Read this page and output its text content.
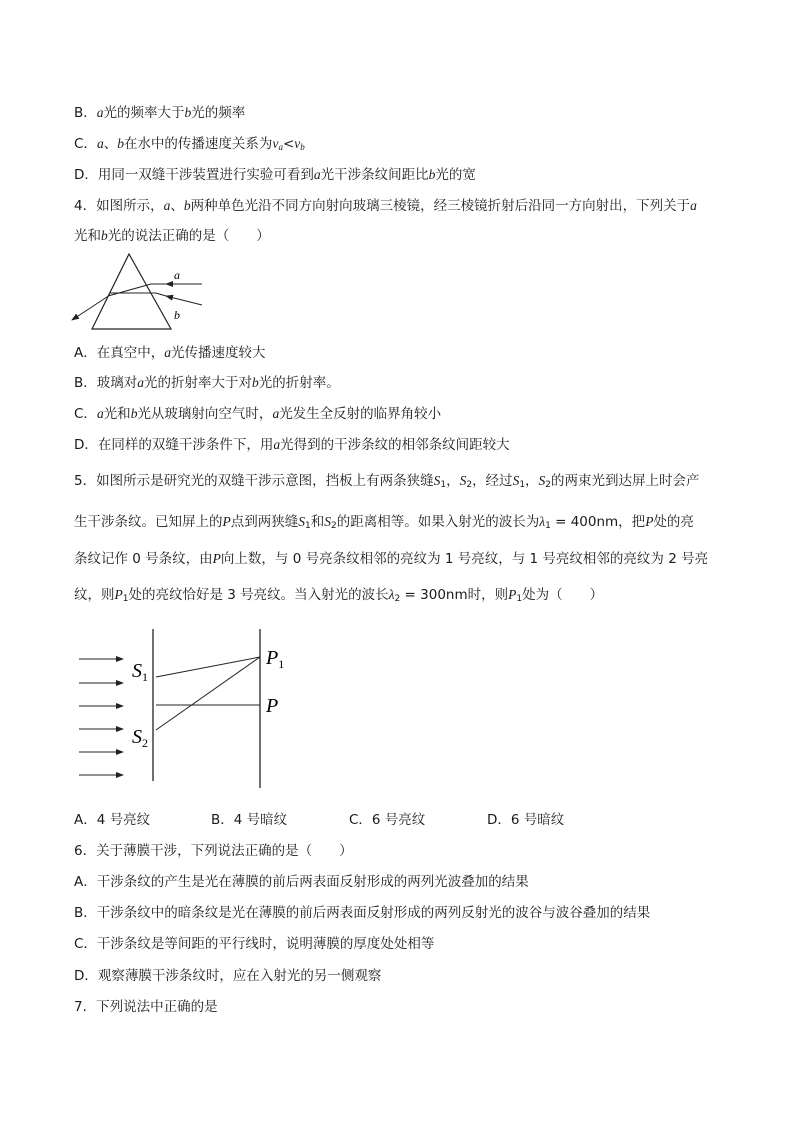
B．a光的频率大于b光的频率
C．a、b在水中的传播速度关系为$v_a<v_b$
D．用同一双缝干涉装置进行实验可看到a光干涉条纹间距比b光的宽
4．如图所示，a、b两种单色光沿不同方向射向玻璃三棱镜，经三棱镜折射后沿同一方向射出，下列关于a
光和b光的说法正确的是（　　）
a
b
A．在真空中，a光传播速度较大
B．玻璃对a光的折射率大于对b光的折射率。
C．a光和b光从玻璃射向空气时，a光发生全反射的临界角较小
D．在同样的双缝干涉条件下，用a光得到的干涉条纹的相邻条纹间距较大
5．如图所示是研究光的双缝干涉示意图，挡板上有两条狭缝$S_1$，$S_2$，经过$S_1$，$S_2$的两束光到达屏上时会产
生干涉条纹。已知屏上的P点到两狭缝$S_1$和$S_2$的距离相等。如果入射光的波长为$\lambda_1 = 400nm$，把P处的亮
条纹记作 0 号条纹，由P向上数，与 0 号亮条纹相邻的亮纹为 1 号亮纹，与 1 号亮纹相邻的亮纹为 2 号亮
纹，则$P_1$处的亮纹恰好是 3 号亮纹。当入射光的波长$\lambda_2 = 300nm$时，则$P_1$处为（　　）
$S_1$
$S_2$
$P_1$
P
A．4 号亮纹	B．4 号暗纹	C．6 号亮纹	D．6 号暗纹
6．关于薄膜干涉，下列说法正确的是（　　）
A．干涉条纹的产生是光在薄膜的前后两表面反射形成的两列光波叠加的结果
B．干涉条纹中的暗条纹是光在薄膜的前后两表面反射形成的两列反射光的波谷与波谷叠加的结果
C．干涉条纹是等间距的平行线时，说明薄膜的厚度处处相等
D．观察薄膜干涉条纹时，应在入射光的另一侧观察
7．下列说法中正确的是
